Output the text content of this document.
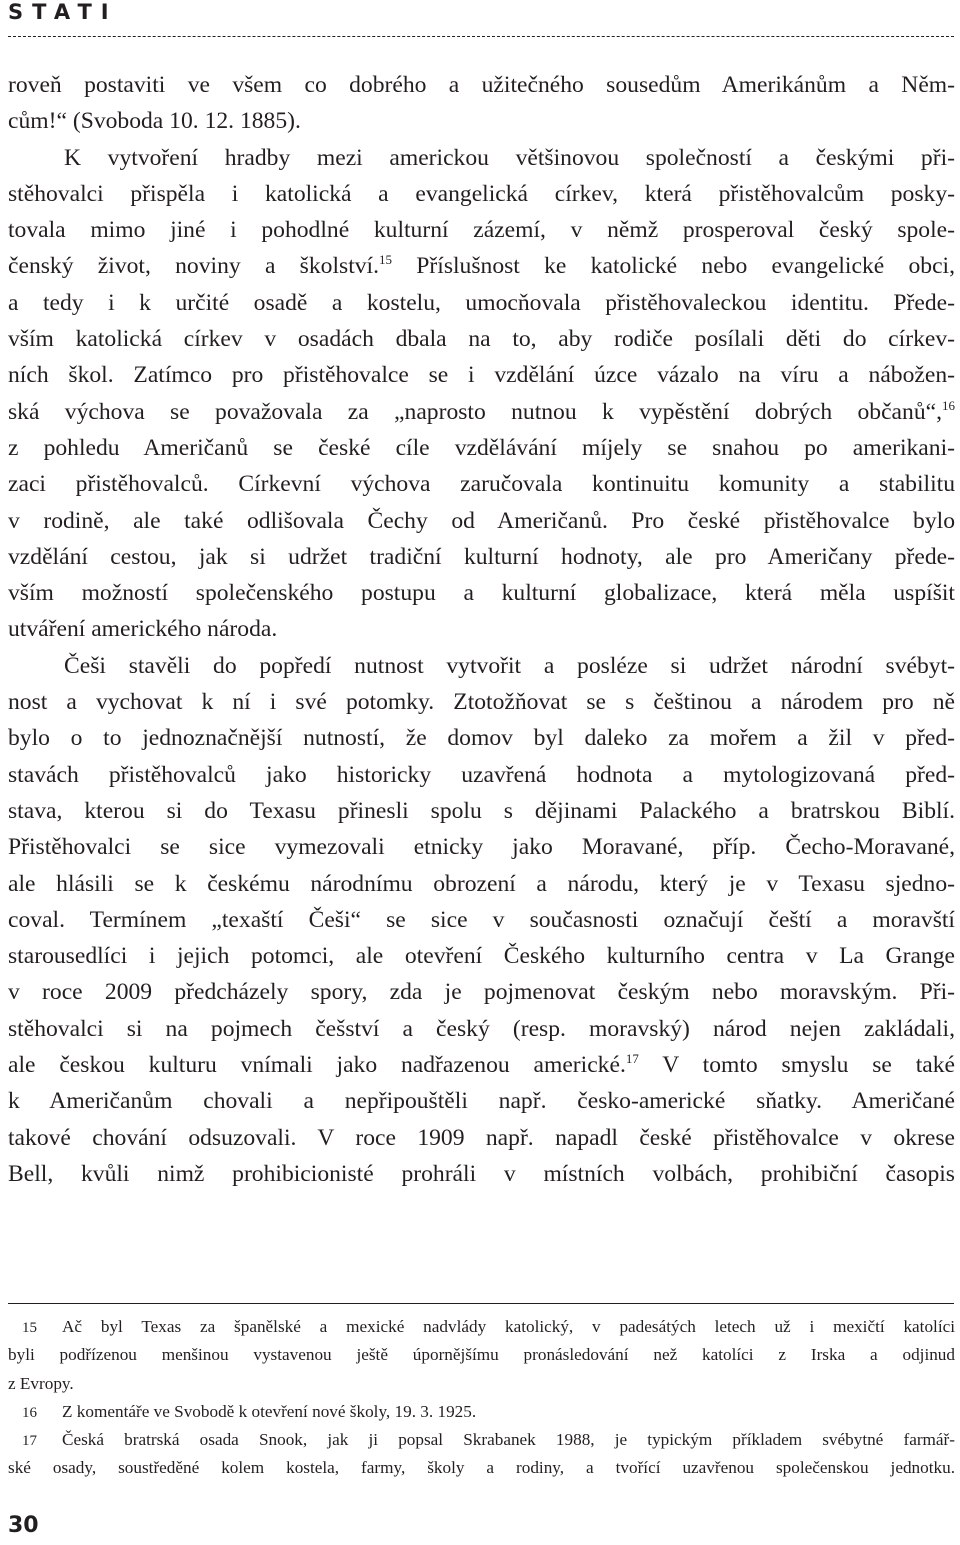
STATI
roveň postaviti ve všem co dobrého a užitečného sousedům Amerikánům a Něm-
cům!“ (Svoboda 10. 12. 1885).
K vytvoření hradby mezi americkou většinovou společností a českými při-
stěhovalci přispěla i katolická a evangelická církev, která přistěhovalcům posky-
tovala mimo jiné i pohodlné kulturní zázemí, v němž prosperoval český spole-
čenský život, noviny a školství.$^{15}$ Příslušnost ke katolické nebo evangelické obci,
a tedy i k určité osadě a kostelu, umocňovala přistěhovaleckou identitu. Přede-
vším katolická církev v osadách dbala na to, aby rodiče posílali děti do církev-
ních škol. Zatímco pro přistěhovalce se i vzdělání úzce vázalo na víru a nábožen-
ská výchova se považovala za „naprosto nutnou k vypěstění dobrých občanů“,$^{16}$
z pohledu Američanů se české cíle vzdělávání míjely se snahou po amerikani-
zaci přistěhovalců. Církevní výchova zaručovala kontinuitu komunity a stabilitu
v rodině, ale také odlišovala Čechy od Američanů. Pro české přistěhovalce bylo
vzdělání cestou, jak si udržet tradiční kulturní hodnoty, ale pro Američany přede-
vším možností společenského postupu a kulturní globalizace, která měla uspíšit
utváření amerického národa.
Češi stavěli do popředí nutnost vytvořit a posléze si udržet národní svébyt-
nost a vychovat k ní i své potomky. Ztotožňovat se s češtinou a národem pro ně
bylo o to jednoznačnější nutností, že domov byl daleko za mořem a žil v před-
stavách přistěhovalců jako historicky uzavřená hodnota a mytologizovaná před-
stava, kterou si do Texasu přinesli spolu s dějinami Palackého a bratrskou Biblí.
Přistěhovalci se sice vymezovali etnicky jako Moravané, příp. Čecho-Moravané,
ale hlásili se k českému národnímu obrození a národu, který je v Texasu sjedno-
coval. Termínem „texaští Češi“ se sice v současnosti označují čeští a moravští
starousedlíci i jejich potomci, ale otevření Českého kulturního centra v La Grange
v roce 2009 předcházely spory, zda je pojmenovat českým nebo moravským. Při-
stěhovalci si na pojmech češství a český (resp. moravský) národ nejen zakládali,
ale českou kulturu vnímali jako nadřazenou americké.$^{17}$ V tomto smyslu se také
k Američanům chovali a nepřipouštěli např. česko-americké sňatky. Američané
takové chování odsuzovali. V roce 1909 např. napadl české přistěhovalce v okrese
Bell, kvůli nimž prohibicionisté prohráli v místních volbách, prohibiční časopis
15 Ač byl Texas za španělské a mexické nadvlády katolický, v padesátých letech už i mexičtí katolíci
byli podřízenou menšinou vystavenou ještě úpornějšímu pronásledování než katolíci z Irska a odjinud
z Evropy.
16 Z komentáře ve Svobodě k otevření nové školy, 19. 3. 1925.
17 Česká bratrská osada Snook, jak ji popsal Skrabanek 1988, je typickým příkladem svébytné farmář-
ské osady, soustředěné kolem kostela, farmy, školy a rodiny, a tvořící uzavřenou společenskou jednotku.
30
